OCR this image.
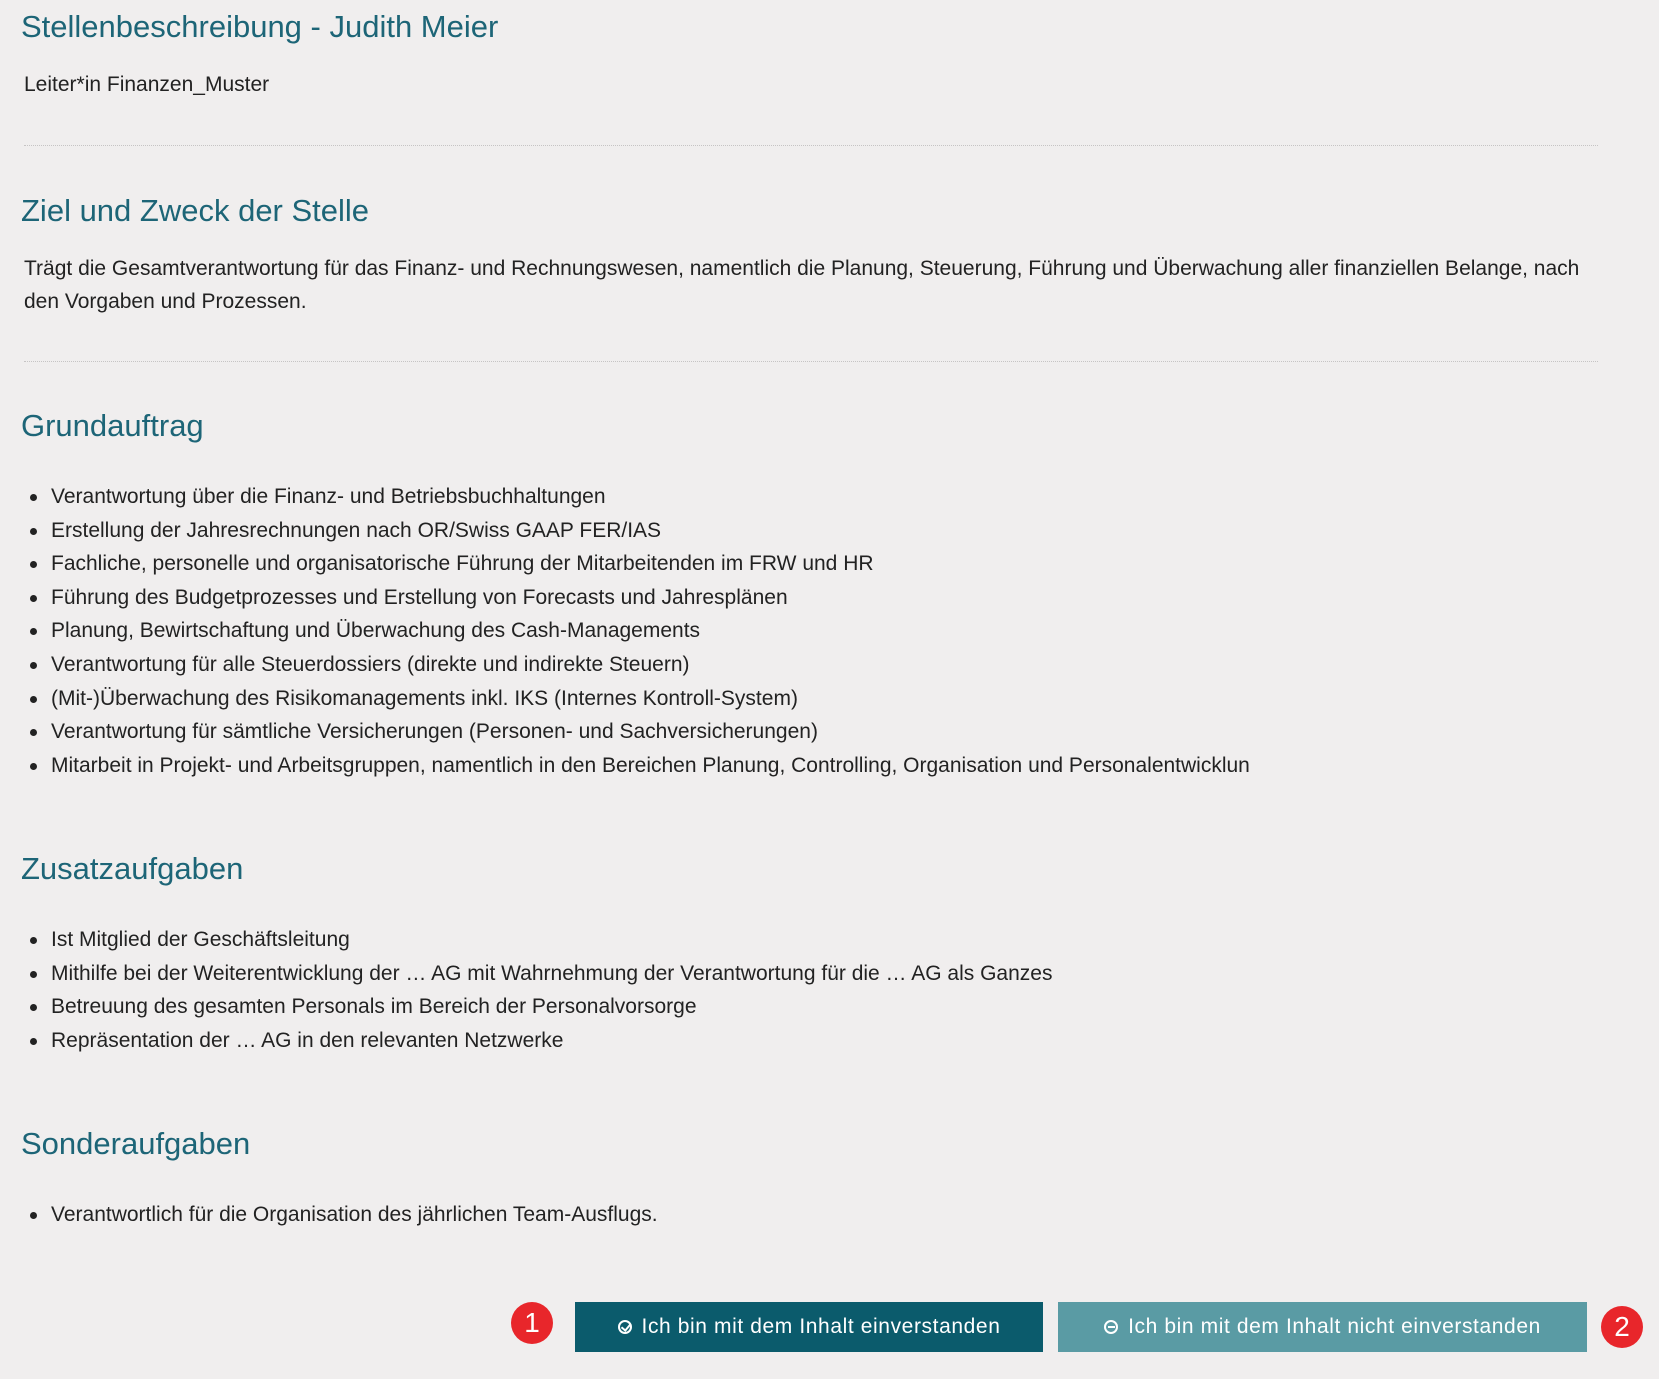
Stellenbeschreibung - Judith Meier
Leiter*in Finanzen_Muster
Ziel und Zweck der Stelle
Trägt die Gesamtverantwortung für das Finanz- und Rechnungswesen, namentlich die Planung, Steuerung, Führung und Überwachung aller finanziellen Belange, nach den Vorgaben und Prozessen.
Grundauftrag
Verantwortung über die Finanz- und Betriebsbuchhaltungen
Erstellung der Jahresrechnungen nach OR/Swiss GAAP FER/IAS
Fachliche, personelle und organisatorische Führung der Mitarbeitenden im FRW und HR
Führung des Budgetprozesses und Erstellung von Forecasts und Jahresplänen
Planung, Bewirtschaftung und Überwachung des Cash-Managements
Verantwortung für alle Steuerdossiers (direkte und indirekte Steuern)
(Mit-)Überwachung des Risikomanagements inkl. IKS (Internes Kontroll-System)
Verantwortung für sämtliche Versicherungen (Personen- und Sachversicherungen)
Mitarbeit in Projekt- und Arbeitsgruppen, namentlich in den Bereichen Planung, Controlling, Organisation und Personalentwicklun
Zusatzaufgaben
Ist Mitglied der Geschäftsleitung
Mithilfe bei der Weiterentwicklung der … AG mit Wahrnehmung der Verantwortung für die … AG als Ganzes
Betreuung des gesamten Personals im Bereich der Personalvorsorge
Repräsentation der … AG in den relevanten Netzwerke
Sonderaufgaben
Verantwortlich für die Organisation des jährlichen Team-Ausflugs.
1	Ich bin mit dem Inhalt einverstanden	Ich bin mit dem Inhalt nicht einverstanden	2
